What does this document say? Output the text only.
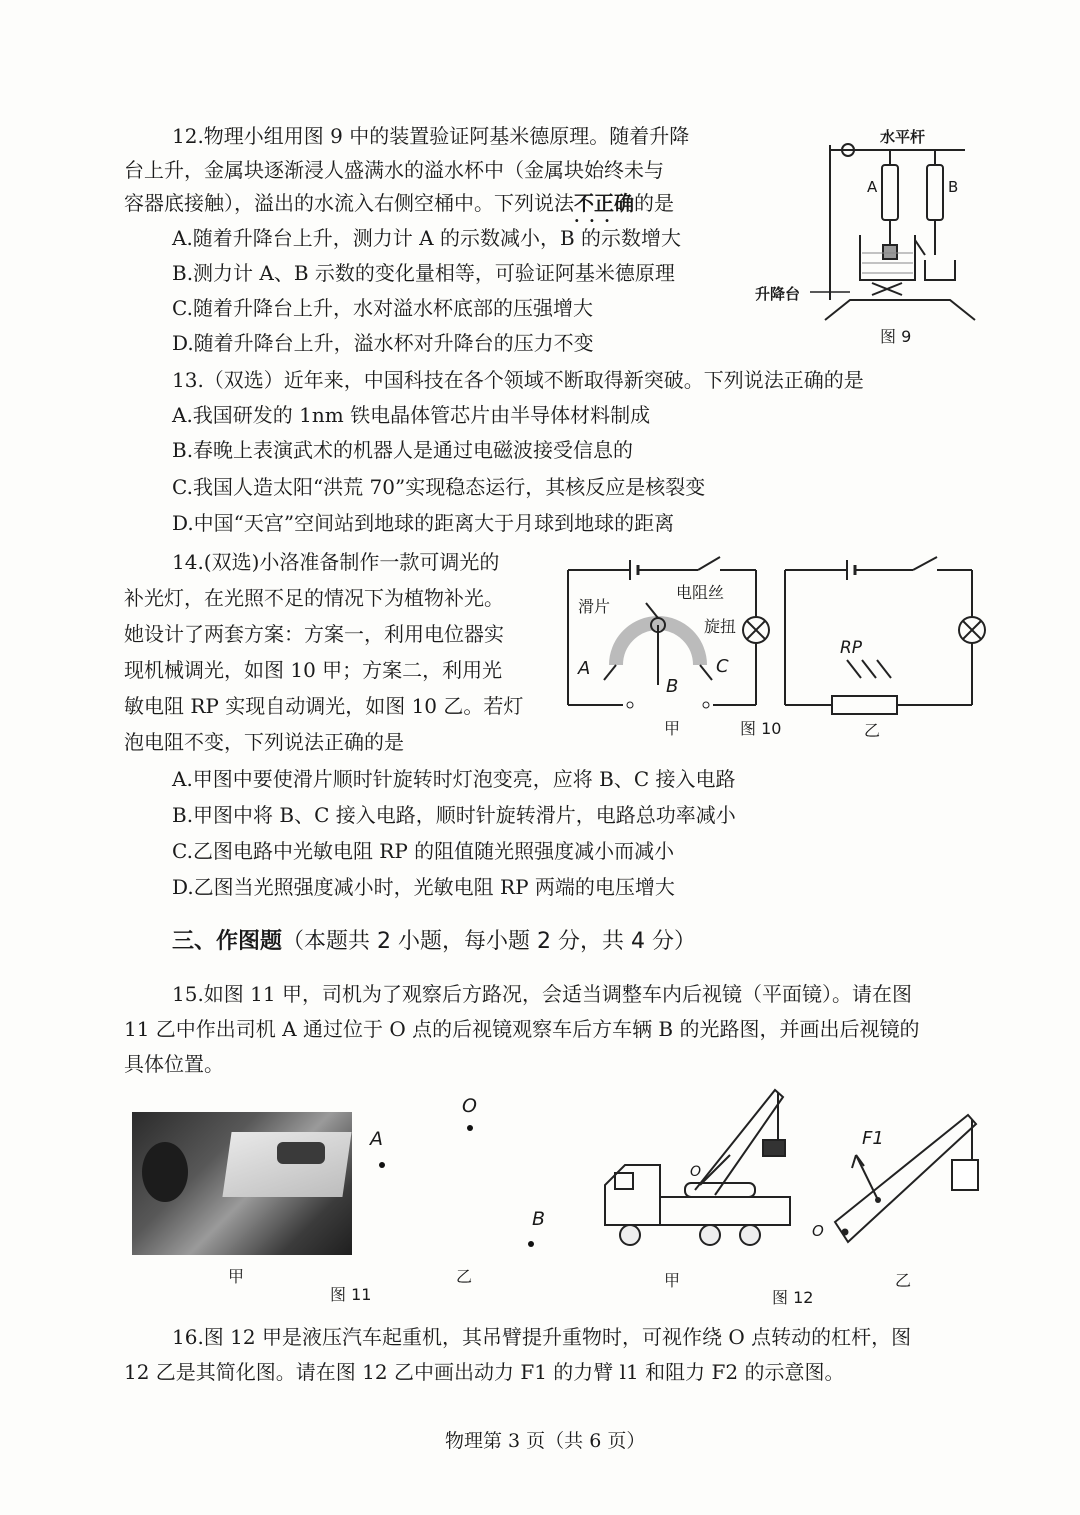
12.物理小组用图 9 中的装置验证阿基米德原理。随着升降
台上升，金属块逐渐浸人盛满水的溢水杯中（金属块始终未与
容器底接触），溢出的水流入右侧空桶中。下列说法不正确 · · ·的是
A.随着升降台上升，测力计 A 的示数减小，B 的示数增大
B.测力计 A、B 示数的变化量相等，可验证阿基米德原理
C.随着升降台上升，水对溢水杯底部的压强增大
D.随着升降台上升，溢水杯对升降台的压力不变
水平杆
A	B
升降台
图 9
13.（双选）近年来，中国科技在各个领域不断取得新突破。下列说法正确的是
A.我国研发的 1nm 铁电晶体管芯片由半导体材料制成
B.春晚上表演武术的机器人是通过电磁波接受信息的
C.我国人造太阳“洪荒 70”实现稳态运行，其核反应是核裂变
D.中国“天宫”空间站到地球的距离大于月球到地球的距离
14.(双选)小洛准备制作一款可调光的
补光灯，在光照不足的情况下为植物补光。
她设计了两套方案：方案一，利用电位器实
现机械调光，如图 10 甲；方案二，利用光
敏电阻 RP 实现自动调光，如图 10 乙。若灯
泡电阻不变，下列说法正确的是
滑片
电阻丝
旋扭
A
B
C
甲	图 10
RP
乙
A.甲图中要使滑片顺时针旋转时灯泡变亮，应将 B、C 接入电路
B.甲图中将 B、C 接入电路，顺时针旋转滑片，电路总功率减小
C.乙图电路中光敏电阻 RP 的阻值随光照强度减小而减小
D.乙图当光照强度减小时，光敏电阻 RP 两端的电压增大
三、作图题（本题共 2 小题，每小题 2 分，共 4 分）
15.如图 11 甲，司机为了观察后方路况，会适当调整车内后视镜（平面镜）。请在图
11 乙中作出司机 A 通过位于 O 点的后视镜观察车后方车辆 B 的光路图，并画出后视镜的
具体位置。
甲
图 11
乙
O
A
B
O
甲
图 12
F1
O
乙
16.图 12 甲是液压汽车起重机，其吊臂提升重物时，可视作绕 O 点转动的杠杆，图
12 乙是其简化图。请在图 12 乙中画出动力 F1 的力臂 l1 和阻力 F2 的示意图。
物理第 3 页（共 6 页）
